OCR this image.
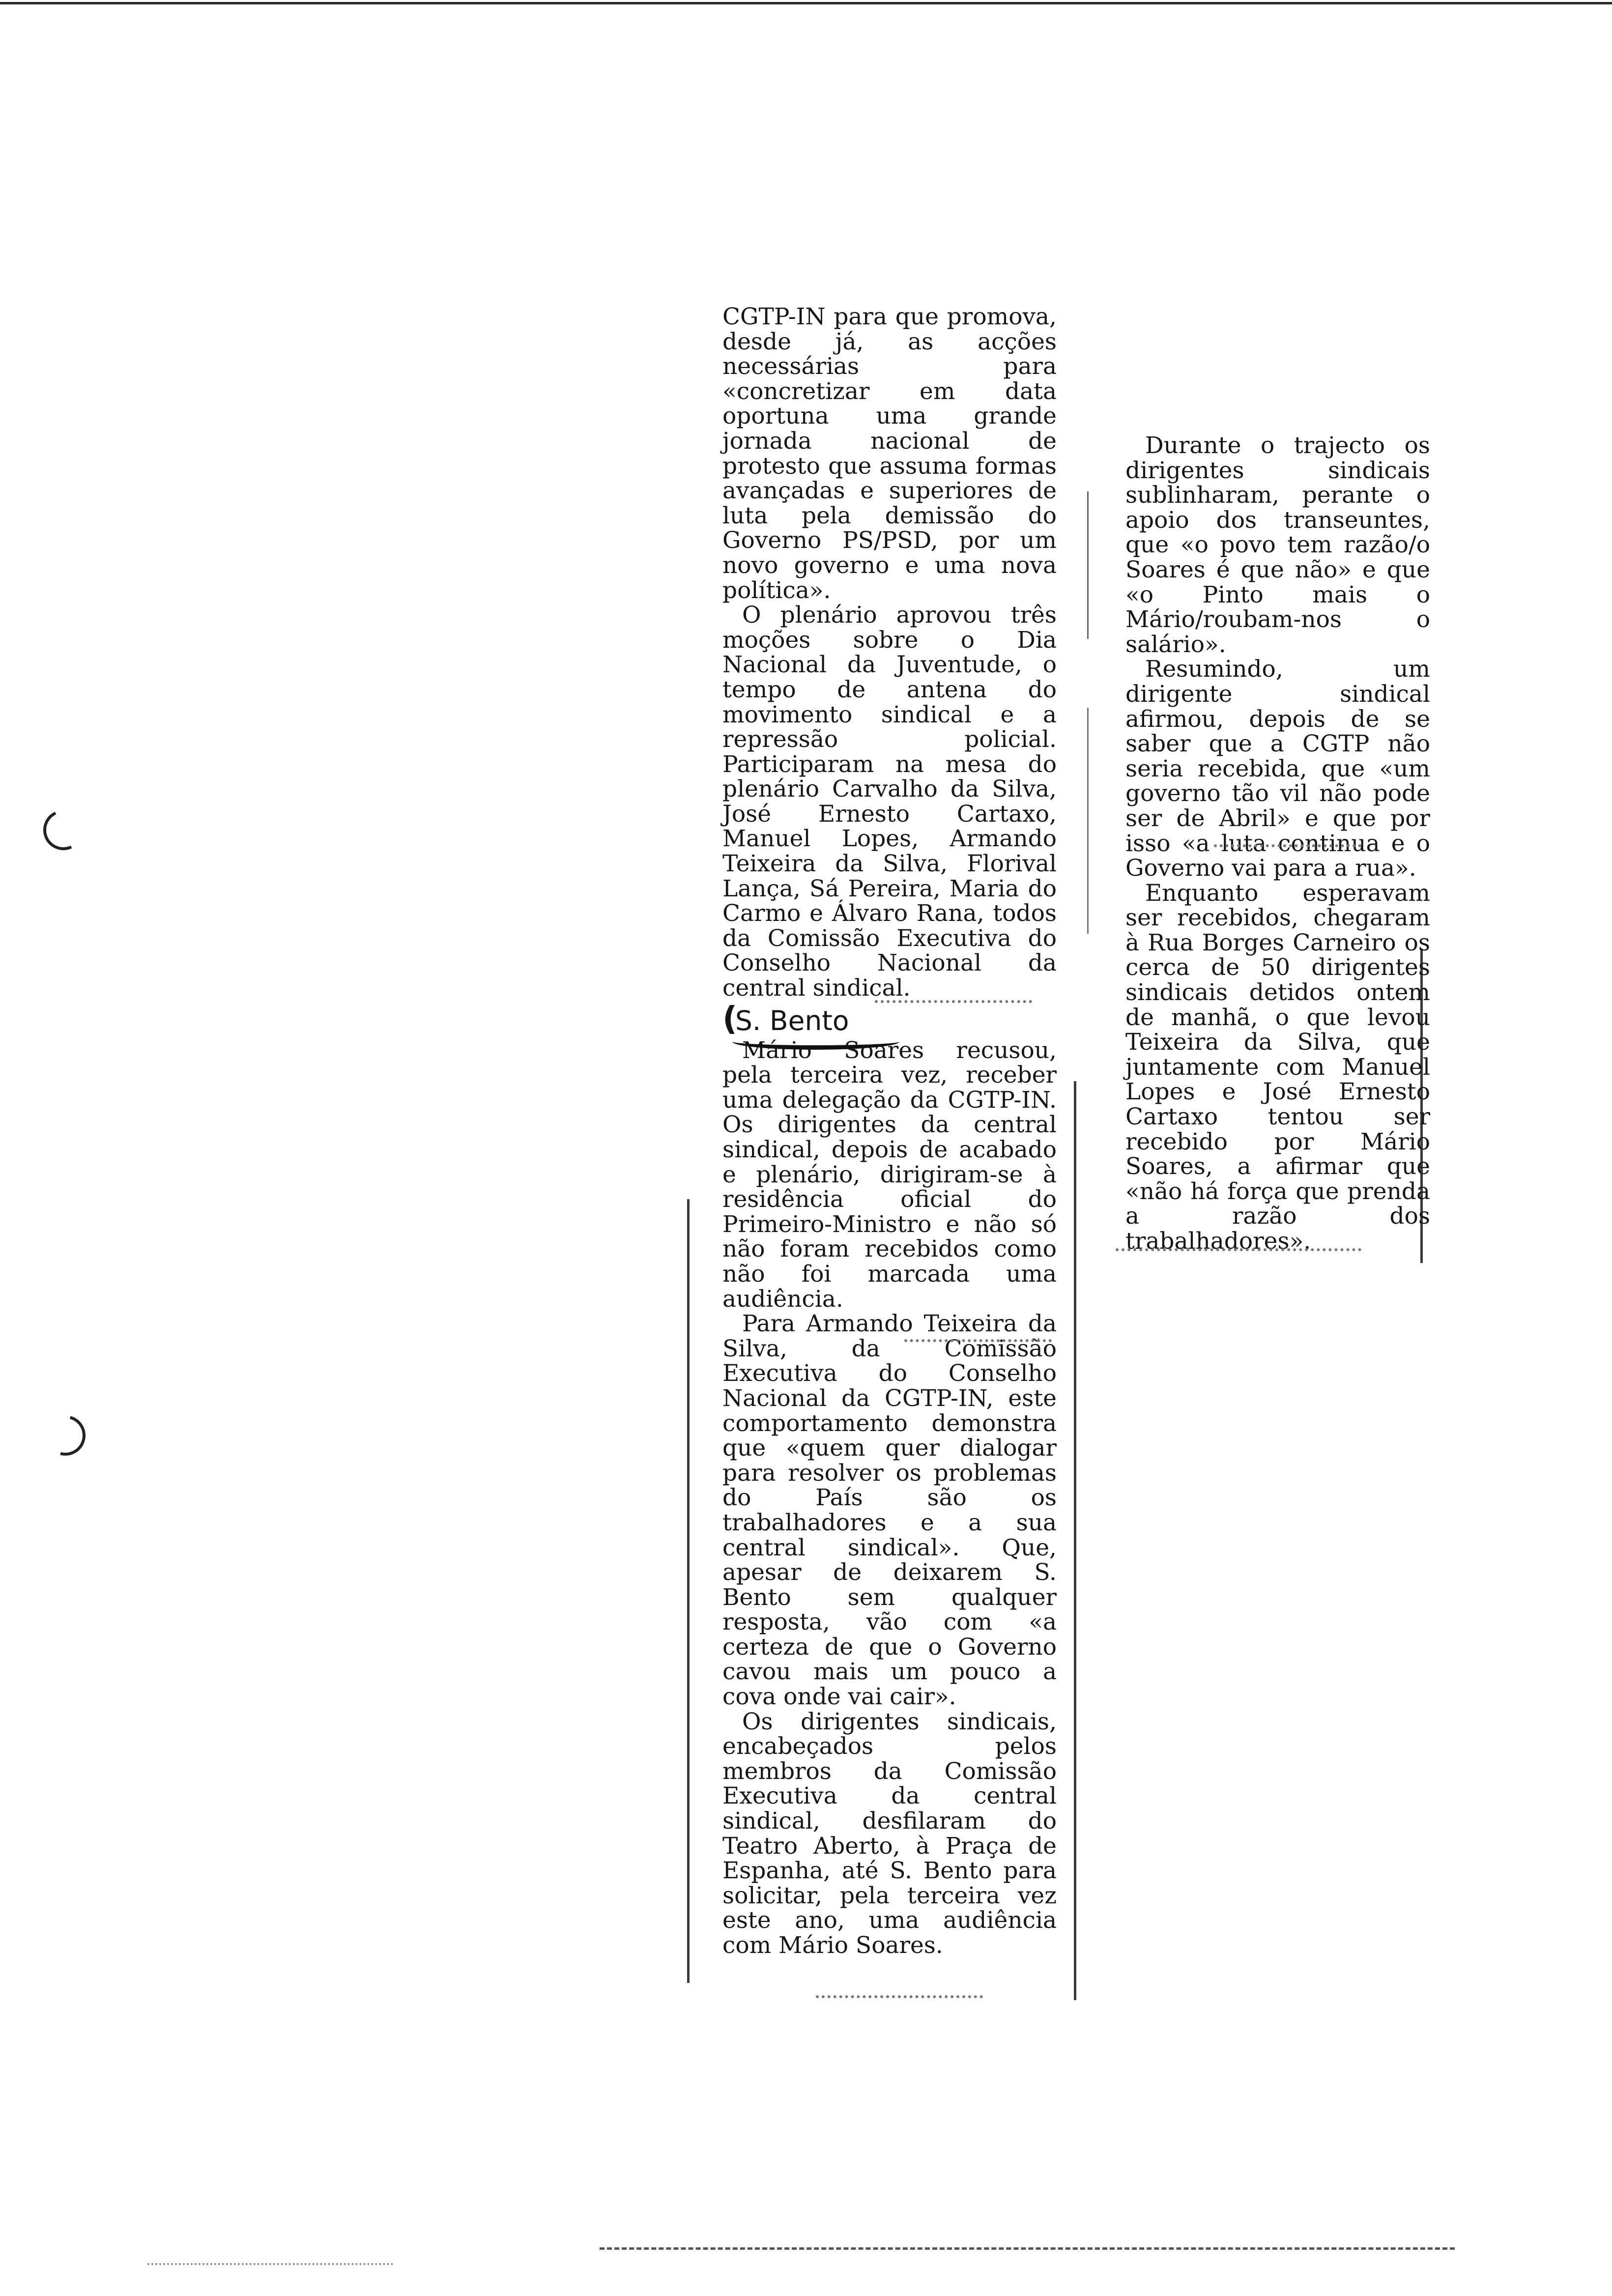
CGTP-IN para que promova, desde já, as acções necessárias para «concretizar em data oportuna uma grande jornada nacional de protesto que assuma formas avançadas e superiores de luta pela demissão do Governo PS/PSD, por um novo governo e uma nova política».

O plenário aprovou três moções sobre o Dia Nacional da Juventude, o tempo de antena do movimento sindical e a repressão policial. Participaram na mesa do plenário Carvalho da Silva, José Ernesto Cartaxo, Manuel Lopes, Armando Teixeira da Silva, Florival Lança, Sá Pereira, Maria do Carmo e Álvaro Rana, todos da Comissão Executiva do Conselho Nacional da central sindical.

(
S. Bento

Mário Soares recusou, pela terceira vez, receber uma delegação da CGTP-IN. Os dirigentes da central sindical, depois de acabado e plenário, dirigiram-se à residência oficial do Primeiro-Ministro e não só não foram recebidos como não foi marcada uma audiência.

Para Armando Teixeira da Silva, da Comissão Executiva do Conselho Nacional da CGTP-IN, este comportamento demonstra que «quem quer dialogar para resolver os problemas do País são os trabalhadores e a sua central sindical». Que, apesar de deixarem S. Bento sem qualquer resposta, vão com «a certeza de que o Governo cavou mais um pouco a cova onde vai cair».

Os dirigentes sindicais, encabeçados pelos membros da Comissão Executiva da central sindical, desfilaram do Teatro Aberto, à Praça de Espanha, até S. Bento para solicitar, pela terceira vez este ano, uma audiência com Mário Soares.

Durante o trajecto os dirigentes sindicais sublinharam, perante o apoio dos transeuntes, que «o povo tem razão/o Soares é que não» e que «o Pinto mais o Mário/roubam-nos o salário».

Resumindo, um dirigente sindical afirmou, depois de se saber que a CGTP não seria recebida, que «um governo tão vil não pode ser de Abril» e que por isso «a luta continua e o Governo vai para a rua».

Enquanto esperavam ser recebidos, chegaram à Rua Borges Carneiro os cerca de 50 dirigentes sindicais detidos ontem de manhã, o que levou Teixeira da Silva, que juntamente com Manuel Lopes e José Ernesto Cartaxo tentou ser recebido por Mário Soares, a afirmar que «não há força que prenda a razão dos trabalhadores».
